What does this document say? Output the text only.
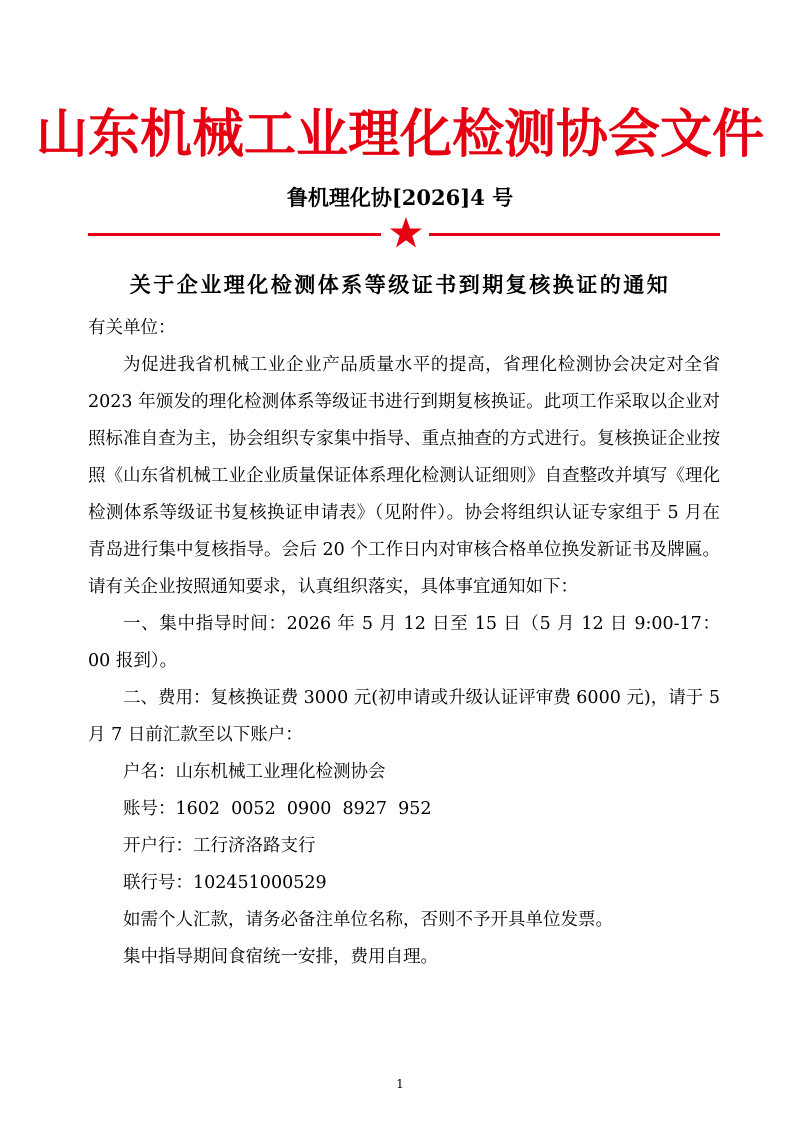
山东机械工业理化检测协会文件
鲁机理化协[2026]4 号
关于企业理化检测体系等级证书到期复核换证的通知

有关单位：

为促进我省机械工业企业产品质量水平的提高，省理化检测协会决定对全省 2023 年颁发的理化检测体系等级证书进行到期复核换证。此项工作采取以企业对照标准自查为主，协会组织专家集中指导、重点抽查的方式进行。复核换证企业按照《山东省机械工业企业质量保证体系理化检测认证细则》自查整改并填写《理化检测体系等级证书复核换证申请表》（见附件）。协会将组织认证专家组于 5 月在青岛进行集中复核指导。会后 20 个工作日内对审核合格单位换发新证书及牌匾。请有关企业按照通知要求，认真组织落实，具体事宜通知如下：

一、集中指导时间：2026 年 5 月 12 日至 15 日（5 月 12 日 9:00-17：00 报到）。

二、费用：复核换证费 3000 元(初申请或升级认证评审费 6000 元)，请于 5 月 7 日前汇款至以下账户：

户名：山东机械工业理化检测协会

账号：1602  0052  0900  8927  952

开户行：工行济洛路支行

联行号：102451000529

如需个人汇款，请务必备注单位名称，否则不予开具单位发票。

集中指导期间食宿统一安排，费用自理。

1
